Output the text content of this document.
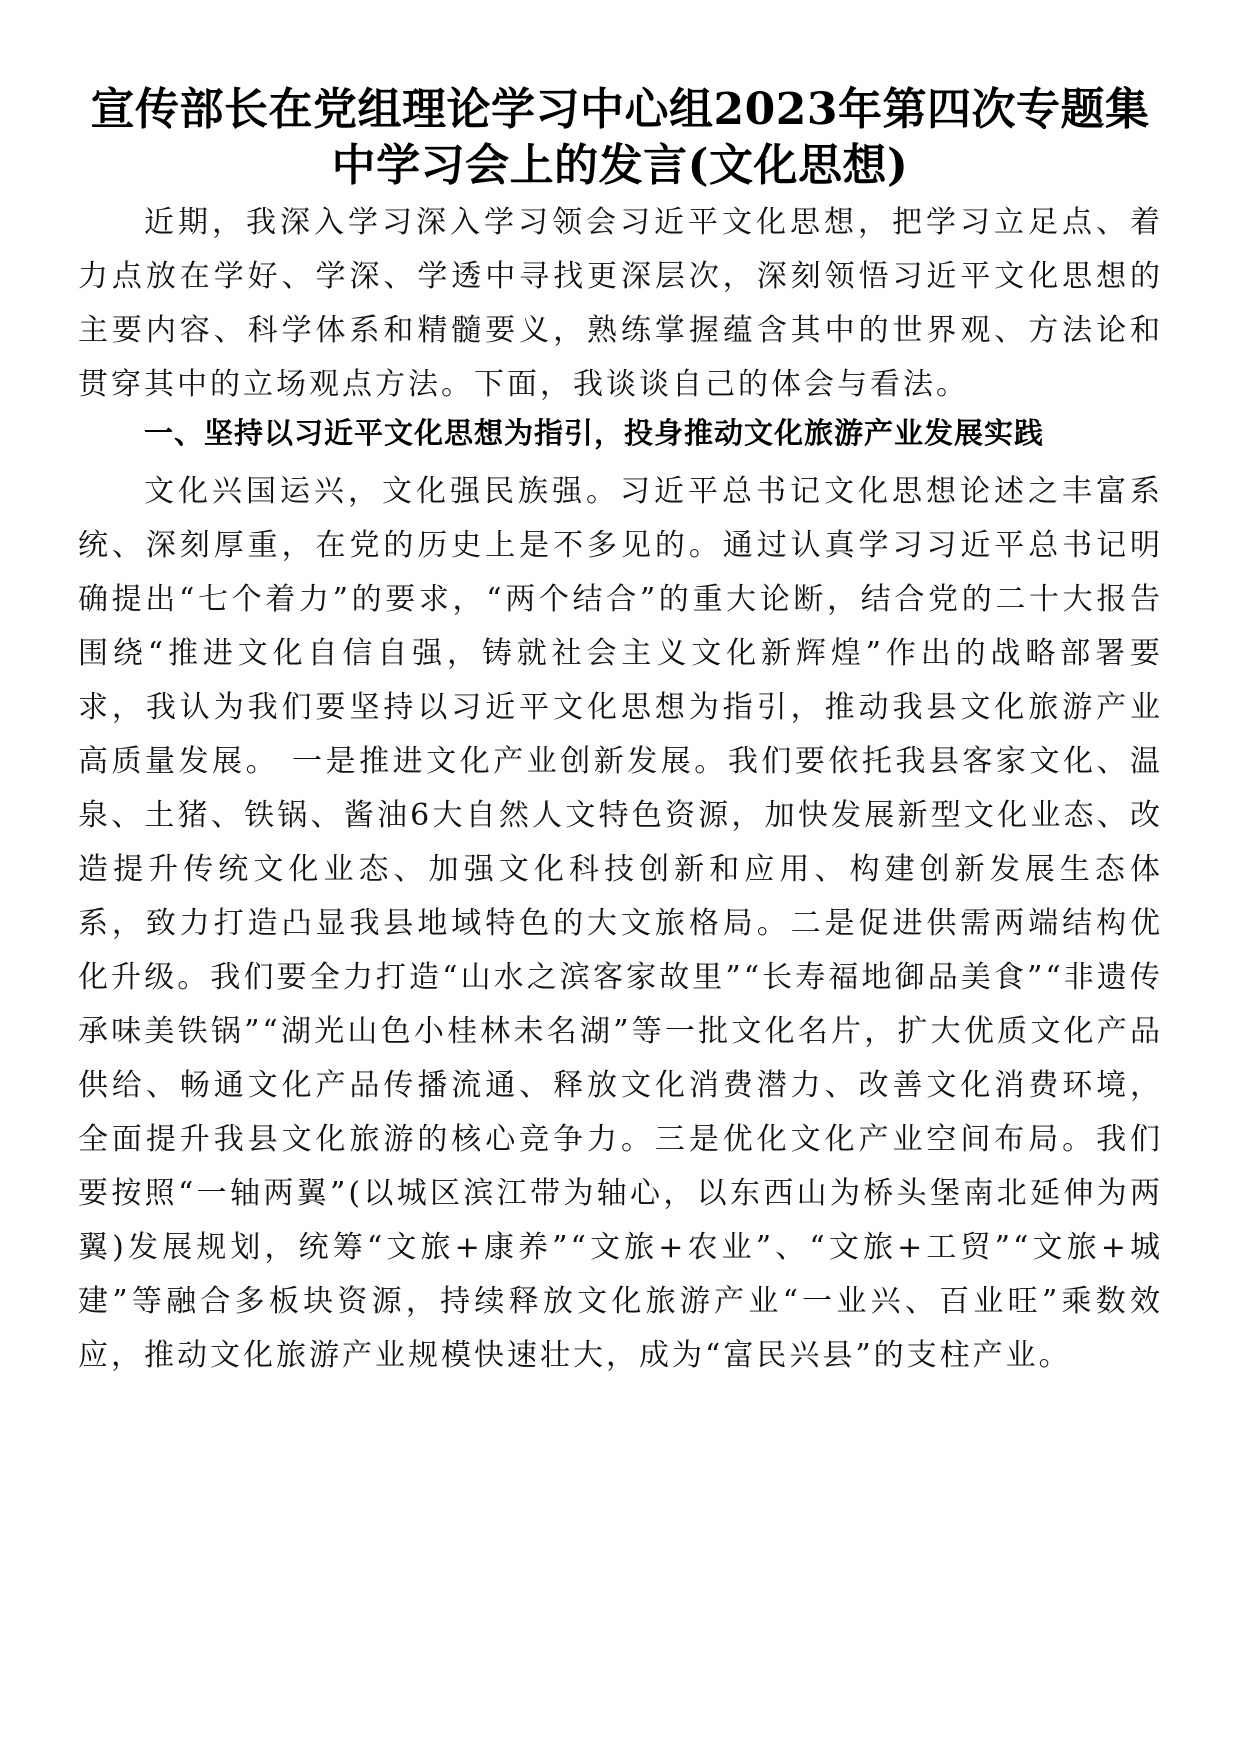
宣传部长在党组理论学习中心组2023年第四次专题集中学习会上的发言(文化思想)

近期，我深入学习深入学习领会习近平文化思想，把学习立足点、着力点放在学好、学深、学透中寻找更深层次，深刻领悟习近平文化思想的主要内容、科学体系和精髓要义，熟练掌握蕴含其中的世界观、方法论和贯穿其中的立场观点方法。下面，我谈谈自己的体会与看法。

一、坚持以习近平文化思想为指引，投身推动文化旅游产业发展实践

文化兴国运兴，文化强民族强。习近平总书记文化思想论述之丰富系统、深刻厚重，在党的历史上是不多见的。通过认真学习习近平总书记明确提出“七个着力”的要求，“两个结合”的重大论断，结合党的二十大报告围绕“推进文化自信自强，铸就社会主义文化新辉煌”作出的战略部署要求，我认为我们要坚持以习近平文化思想为指引，推动我县文化旅游产业高质量发展。 一是推进文化产业创新发展。我们要依托我县客家文化、温泉、土猪、铁锅、酱油6大自然人文特色资源，加快发展新型文化业态、改造提升传统文化业态、加强文化科技创新和应用、构建创新发展生态体系，致力打造凸显我县地域特色的大文旅格局。二是促进供需两端结构优化升级。我们要全力打造“山水之滨客家故里”“长寿福地御品美食”“非遗传承味美铁锅”“湖光山色小桂林未名湖”等一批文化名片，扩大优质文化产品供给、畅通文化产品传播流通、释放文化消费潜力、改善文化消费环境，全面提升我县文化旅游的核心竞争力。三是优化文化产业空间布局。我们要按照“一轴两翼”(以城区滨江带为轴心，以东西山为桥头堡南北延伸为两翼)发展规划，统筹“文旅+康养”“文旅+农业”、“文旅+工贸”“文旅+城建”等融合多板块资源，持续释放文化旅游产业“一业兴、百业旺”乘数效应，推动文化旅游产业规模快速壮大，成为“富民兴县”的支柱产业。
